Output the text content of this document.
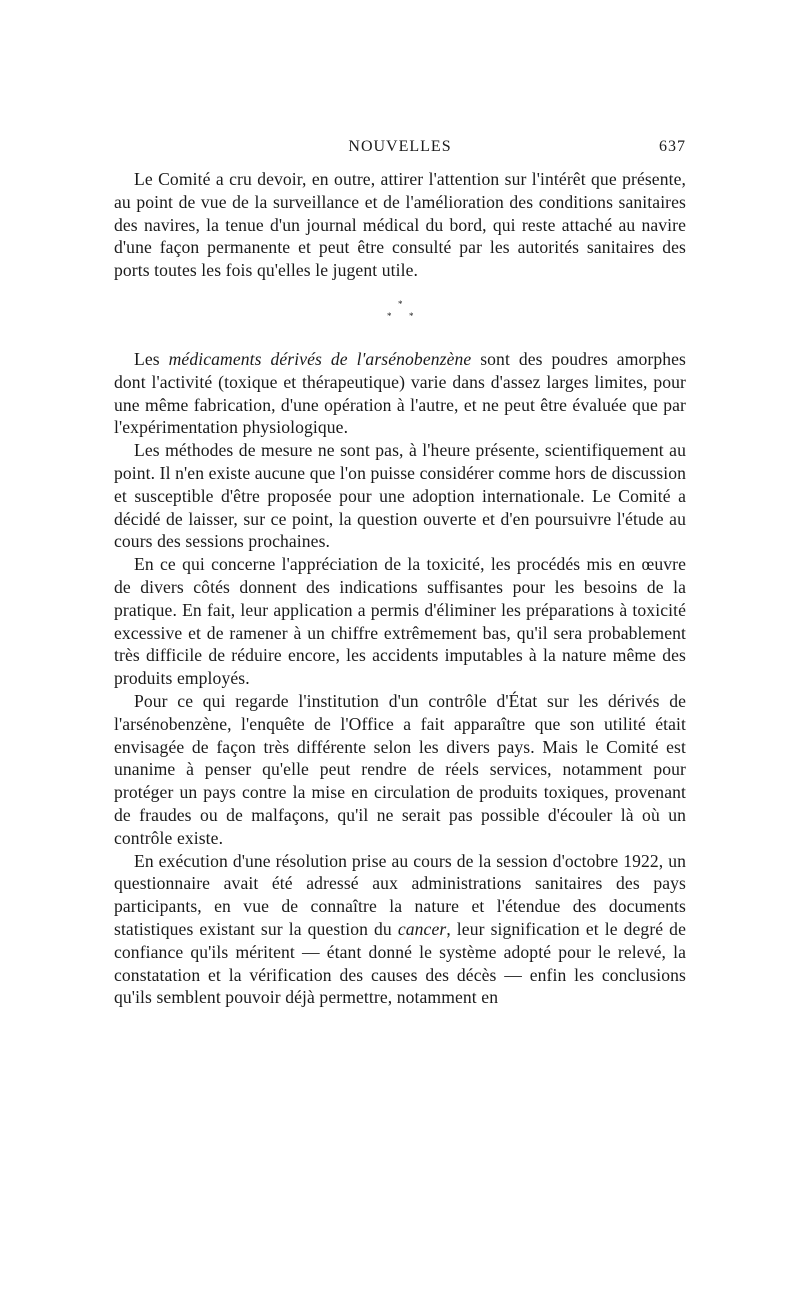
NOUVELLES	637

Le Comité a cru devoir, en outre, attirer l'attention sur l'intérêt que présente, au point de vue de la surveillance et de l'amélioration des conditions sanitaires des navires, la tenue d'un journal médical du bord, qui reste attaché au navire d'une façon permanente et peut être consulté par les autorités sanitaires des ports toutes les fois qu'elles le jugent utile.

*
* *

Les médicaments dérivés de l'arsénobenzène sont des poudres amorphes dont l'activité (toxique et thérapeutique) varie dans d'assez larges limites, pour une même fabrication, d'une opération à l'autre, et ne peut être évaluée que par l'expérimentation physiologique.

Les méthodes de mesure ne sont pas, à l'heure présente, scientifiquement au point. Il n'en existe aucune que l'on puisse considérer comme hors de discussion et susceptible d'être proposée pour une adoption internationale. Le Comité a décidé de laisser, sur ce point, la question ouverte et d'en poursuivre l'étude au cours des sessions prochaines.

En ce qui concerne l'appréciation de la toxicité, les procédés mis en œuvre de divers côtés donnent des indications suffisantes pour les besoins de la pratique. En fait, leur application a permis d'éliminer les préparations à toxicité excessive et de ramener à un chiffre extrêmement bas, qu'il sera probablement très difficile de réduire encore, les accidents imputables à la nature même des produits employés.

Pour ce qui regarde l'institution d'un contrôle d'État sur les dérivés de l'arsénobenzène, l'enquête de l'Office a fait apparaître que son utilité était envisagée de façon très différente selon les divers pays. Mais le Comité est unanime à penser qu'elle peut rendre de réels services, notamment pour protéger un pays contre la mise en circulation de produits toxiques, provenant de fraudes ou de malfaçons, qu'il ne serait pas possible d'écouler là où un contrôle existe.

En exécution d'une résolution prise au cours de la session d'octobre 1922, un questionnaire avait été adressé aux administrations sanitaires des pays participants, en vue de connaître la nature et l'étendue des documents statistiques existant sur la question du cancer, leur signification et le degré de confiance qu'ils méritent — étant donné le système adopté pour le relevé, la constatation et la vérification des causes des décès — enfin les conclusions qu'ils semblent pouvoir déjà permettre, notamment en
